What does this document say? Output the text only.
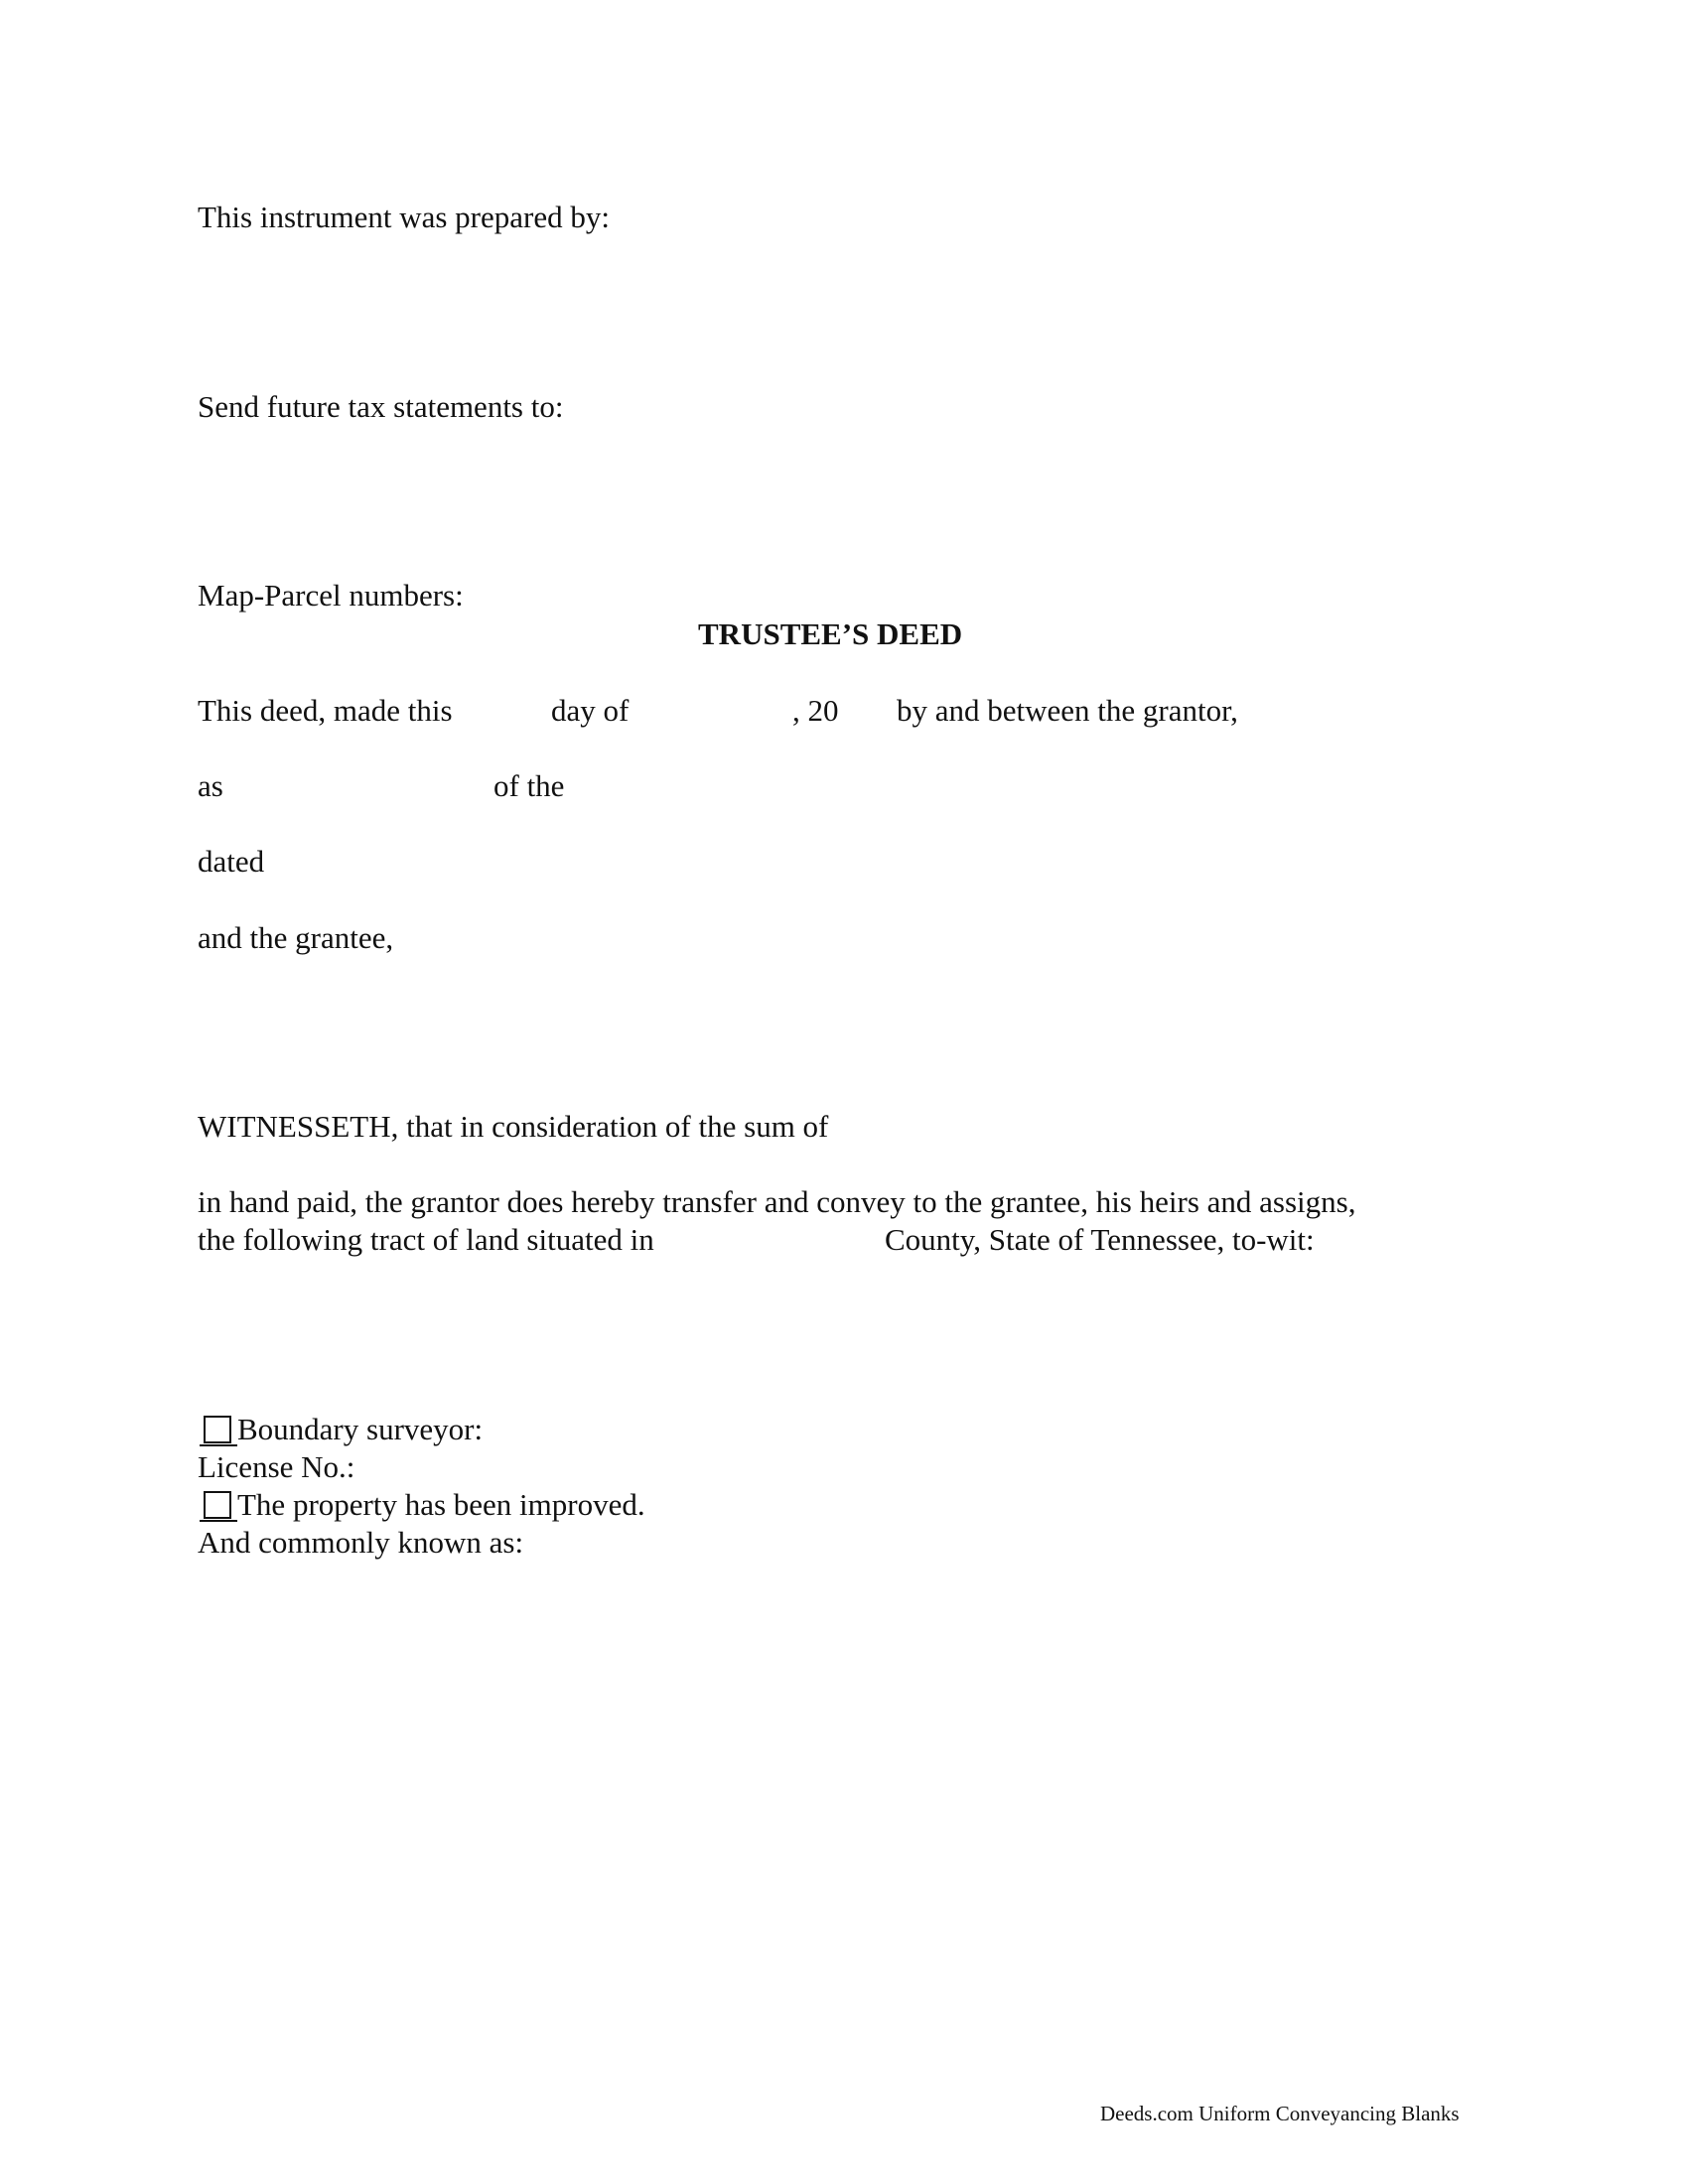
This instrument was prepared by:
Send future tax statements to:
Map-Parcel numbers:
TRUSTEE’S DEED
This deed, made this	day of	, 20 by and between the grantor,
as	of the
dated
and the grantee,
WITNESSETH, that in consideration of the sum of
in hand paid, the grantor does hereby transfer and convey to the grantee, his heirs and assigns,
the following tract of land situated in	County, State of Tennessee, to-wit:
Boundary surveyor:
License No.:
The property has been improved.
And commonly known as:
Deeds.com Uniform Conveyancing Blanks
